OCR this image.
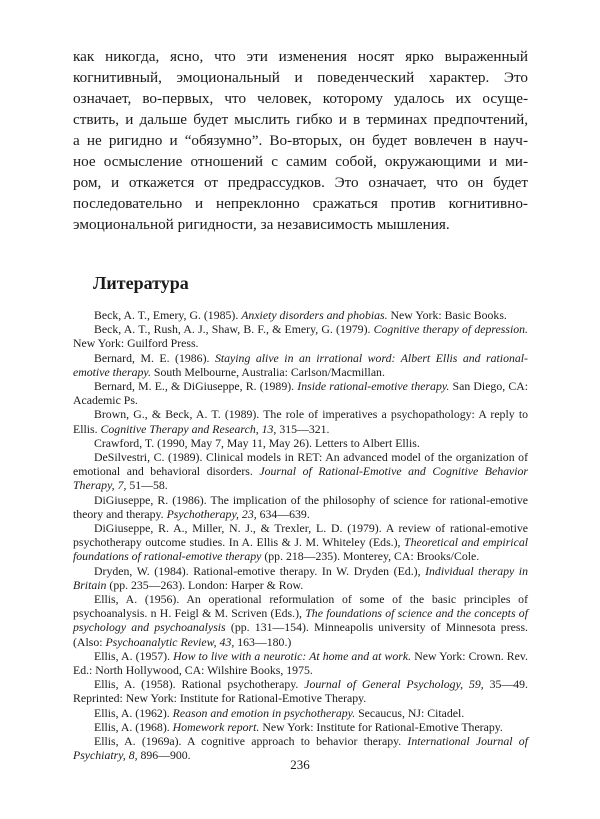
как никогда, ясно, что эти изменения носят ярко выраженный
когнитивный, эмоциональный и поведенческий характер. Это
означает, во-первых, что человек, которому удалось их осуще-
ствить, и дальше будет мыслить гибко и в терминах предпочтений,
а не ригидно и “обязумно”. Во-вторых, он будет вовлечен в науч-
ное осмысление отношений с самим собой, окружающими и ми-
ром, и откажется от предрассудков. Это означает, что он будет
последовательно и непреклонно сражаться против когнитивно-
эмоциональной ригидности, за независимость мышления.
Литература

Beck, A. T., Emery, G. (1985). Anxiety disorders and phobias. New York: Basic Books.

Beck, A. T., Rush, A. J., Shaw, B. F., & Emery, G. (1979). Cognitive therapy of depression. New York: Guilford Press.

Bernard, M. E. (1986). Staying alive in an irrational word: Albert Ellis and rational-emotive therapy. South Melbourne, Australia: Carlson/Macmillan.

Bernard, M. E., & DiGiuseppe, R. (1989). Inside rational-emotive therapy. San Diego, CA: Academic Ps.

Brown, G., & Beck, A. T. (1989). The role of imperatives a psychopathology: A reply to Ellis. Cognitive Therapy and Research, 13, 315—321.

Crawford, T. (1990, May 7, May 11, May 26). Letters to Albert Ellis.

DeSilvestri, C. (1989). Clinical models in RET: An advanced model of the organization of emotional and behavioral disorders. Journal of Rational-Emotive and Cognitive Behavior Therapy, 7, 51—58.

DiGiuseppe, R. (1986). The implication of the philosophy of science for rational-emotive theory and therapy. Psychotherapy, 23, 634—639.

DiGiuseppe, R. A., Miller, N. J., & Trexler, L. D. (1979). A review of rational-emotive psychotherapy outcome studies. In A. Ellis & J. M. Whiteley (Eds.), Theoretical and empirical foundations of rational-emotive therapy (pp. 218—235). Monterey, CA: Brooks/Cole.

Dryden, W. (1984). Rational-emotive therapy. In W. Dryden (Ed.), Individual therapy in Britain (pp. 235—263). London: Harper & Row.

Ellis, A. (1956). An operational reformulation of some of the basic principles of psychoanalysis. n H. Feigl & M. Scriven (Eds.), The foundations of science and the concepts of psychology and psychoanalysis (pp. 131—154). Minneapolis university of Minnesota press. (Also: Psychoanalytic Review, 43, 163—180.)

Ellis, A. (1957). How to live with a neurotic: At home and at work. New York: Crown. Rev. Ed.: North Hollywood, CA: Wilshire Books, 1975.

Ellis, A. (1958). Rational psychotherapy. Journal of General Psychology, 59, 35—49. Reprinted: New York: Institute for Rational-Emotive Therapy.

Ellis, A. (1962). Reason and emotion in psychotherapy. Secaucus, NJ: Citadel.

Ellis, A. (1968). Homework report. New York: Institute for Rational-Emotive Therapy.

Ellis, A. (1969a). A cognitive approach to behavior therapy. International Journal of Psychiatry, 8, 896—900.

236
